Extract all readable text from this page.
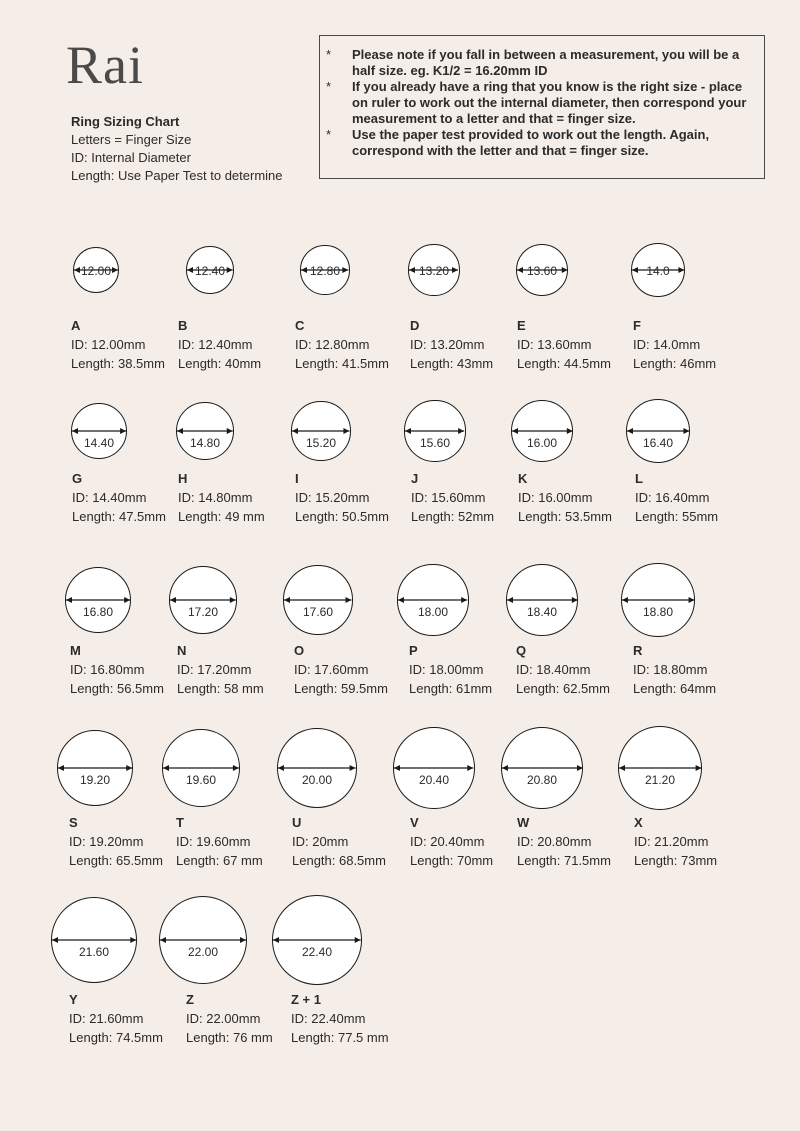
Rai
Ring Sizing Chart
Letters = Finger Size
ID: Internal Diameter
Length: Use Paper Test to determine

* Please note if you fall in between a measurement, you will be a half size. eg. K1/2 = 16.20mm ID

* If you already have a ring that you know is the right size - place on ruler to work out the internal diameter, then correspond your measurement to a letter and that = finger size.

* Use the paper test provided to work out the length. Again, correspond with the letter and that = finger size.

12.00
A
ID: 12.00mm
Length: 38.5mm
12.40
B
ID: 12.40mm
Length: 40mm
12.80
C
ID: 12.80mm
Length: 41.5mm
13.20
D
ID: 13.20mm
Length: 43mm
13.60
E
ID: 13.60mm
Length: 44.5mm
14.0
F
ID: 14.0mm
Length: 46mm
14.40
G
ID: 14.40mm
Length: 47.5mm
14.80
H
ID: 14.80mm
Length: 49 mm
15.20
I
ID: 15.20mm
Length: 50.5mm
15.60
J
ID: 15.60mm
Length: 52mm
16.00
K
ID: 16.00mm
Length: 53.5mm
16.40
L
ID: 16.40mm
Length: 55mm
16.80
M
ID: 16.80mm
Length: 56.5mm
17.20
N
ID: 17.20mm
Length: 58 mm
17.60
O
ID: 17.60mm
Length: 59.5mm
18.00
P
ID: 18.00mm
Length: 61mm
18.40
Q
ID: 18.40mm
Length: 62.5mm
18.80
R
ID: 18.80mm
Length: 64mm
19.20
S
ID: 19.20mm
Length: 65.5mm
19.60
T
ID: 19.60mm
Length: 67 mm
20.00
U
ID: 20mm
Length: 68.5mm
20.40
V
ID: 20.40mm
Length: 70mm
20.80
W
ID: 20.80mm
Length: 71.5mm
21.20
X
ID: 21.20mm
Length: 73mm
21.60
Y
ID: 21.60mm
Length: 74.5mm
22.00
Z
ID: 22.00mm
Length: 76 mm
22.40
Z + 1
ID: 22.40mm
Length: 77.5 mm
